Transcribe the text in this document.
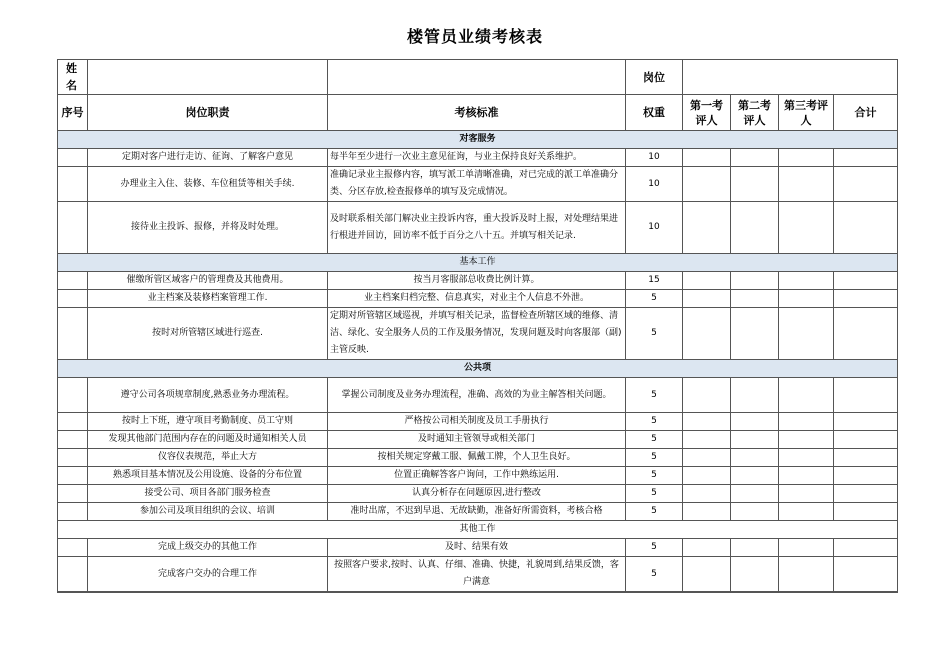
楼管员业绩考核表
姓名			岗位				
序号	岗位职责	考核标准	权重	第一考评人	第二考评人	第三考评人	合计
对客服务							
	定期对客户进行走访、征询、了解客户意见	每半年至少进行一次业主意见征询，与业主保持良好关系维护。	10				
	办理业主入住、装修、车位租赁等相关手续.	准确记录业主报修内容，填写派工单清晰准确，对已完成的派工单准确分类、分区存放,检查报修单的填写及完成情况。	10				
	接待业主投诉、报修，并将及时处理。	及时联系相关部门解决业主投诉内容，重大投诉及时上报，对处理结果进行根进并回访，回访率不低于百分之八十五。并填写相关记录.	10				
基本工作							
	催缴所管区域客户的管理费及其他费用。	按当月客服部总收费比例计算。	15				
	业主档案及装修档案管理工作.	业主档案归档完整、信息真实，对业主个人信息不外泄。	5				
	按时对所管辖区域进行巡查.	定期对所管辖区域巡视，并填写相关记录，监督检查所辖区域的维修、清洁、绿化、安全服务人员的工作及服务情况，发现问题及时向客服部（副)主管反映.	5				
公共项							
	遵守公司各项规章制度,熟悉业务办理流程。	掌握公司制度及业务办理流程，准确、高效的为业主解答相关问题。	5				
	按时上下班，遵守项目考勤制度、员工守则	严格按公司相关制度及员工手册执行	5				
	发现其他部门范围内存在的问题及时通知相关人员	及时通知主管领导或相关部门	5				
	仪容仪表规范，举止大方	按相关规定穿戴工服、佩戴工牌，个人卫生良好。	5				
	熟悉项目基本情况及公用设施、设备的分布位置	位置正确解答客户询问，工作中熟练运用.	5				
	接受公司、项目各部门服务检查	认真分析存在问题原因,进行整改	5				
	参加公司及项目组织的会议、培训	准时出席，不迟到早退、无故缺勤，准备好所需资料，考核合格	5				
其他工作							
	完成上级交办的其他工作	及时、结果有效	5				
	完成客户交办的合理工作	按照客户要求,按时、认真、仔细、准确、快捷，礼貌周到,结果反馈，客户满意	5				
